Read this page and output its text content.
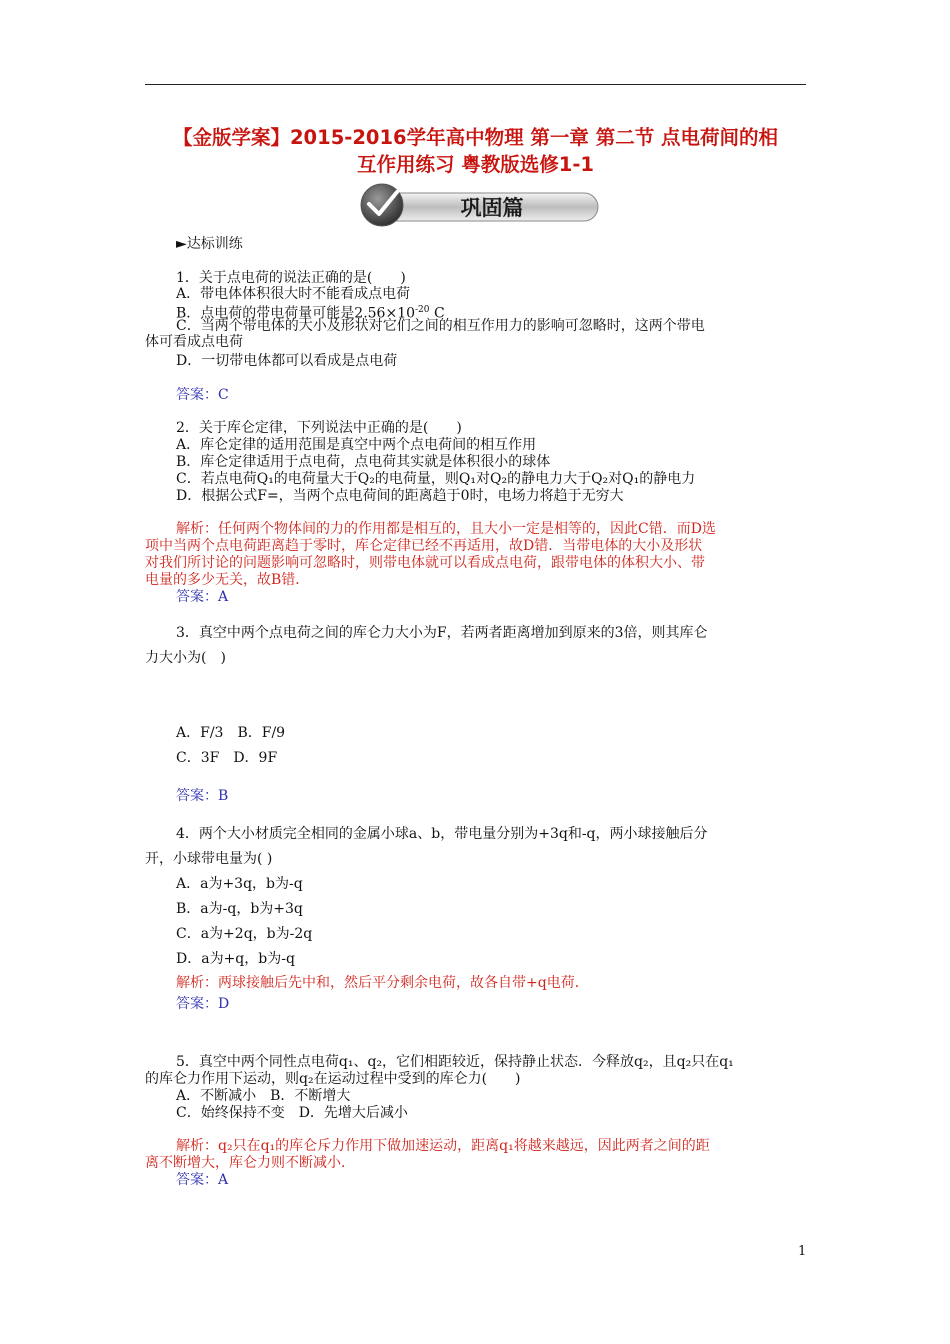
【金版学案】2015-2016学年高中物理 第一章 第二节 点电荷间的相
互作用练习 粤教版选修1-1
巩固篇
►达标训练
1．关于点电荷的说法正确的是(　　)
A．带电体体积很大时不能看成点电荷
B．点电荷的带电荷量可能是$2.56\times 10^{-20}$ C
C．当两个带电体的大小及形状对它们之间的相互作用力的影响可忽略时，这两个带电
体可看成点电荷
D．一切带电体都可以看成是点电荷
答案：C
2．关于库仑定律，下列说法中正确的是(　　)
A．库仑定律的适用范围是真空中两个点电荷间的相互作用
B．库仑定律适用于点电荷，点电荷其实就是体积很小的球体
C．若点电荷Q₁的电荷量大于Q₂的电荷量，则Q₁对Q₂的静电力大于Q₂对Q₁的静电力
D．根据公式F=，当两个点电荷间的距离趋于0时，电场力将趋于无穷大
解析：任何两个物体间的力的作用都是相互的，且大小一定是相等的，因此C错．而D选
项中当两个点电荷距离趋于零时，库仑定律已经不再适用，故D错．当带电体的大小及形状
对我们所讨论的问题影响可忽略时，则带电体就可以看成点电荷，跟带电体的体积大小、带
电量的多少无关，故B错．
答案：A
3．真空中两个点电荷之间的库仑力大小为F，若两者距离增加到原来的3倍，则其库仑
力大小为(　)
A．F/3　B．F/9
C．3F　D．9F
答案：B
4．两个大小材质完全相同的金属小球a、b，带电量分别为+3q和-q，两小球接触后分
开，小球带电量为( )
A．a为+3q，b为-q
B．a为-q，b为+3q
C．a为+2q，b为-2q
D．a为+q，b为-q
解析：两球接触后先中和，然后平分剩余电荷，故各自带+q电荷．
答案：D
5．真空中两个同性点电荷q₁、q₂，它们相距较近，保持静止状态．今释放q₂，且q₂只在q₁
的库仑力作用下运动，则q₂在运动过程中受到的库仑力(　　)
A．不断减小　B．不断增大
C．始终保持不变　D．先增大后减小
解析：q₂只在q₁的库仑斥力作用下做加速运动，距离q₁将越来越远，因此两者之间的距
离不断增大，库仑力则不断减小．
答案：A
1
